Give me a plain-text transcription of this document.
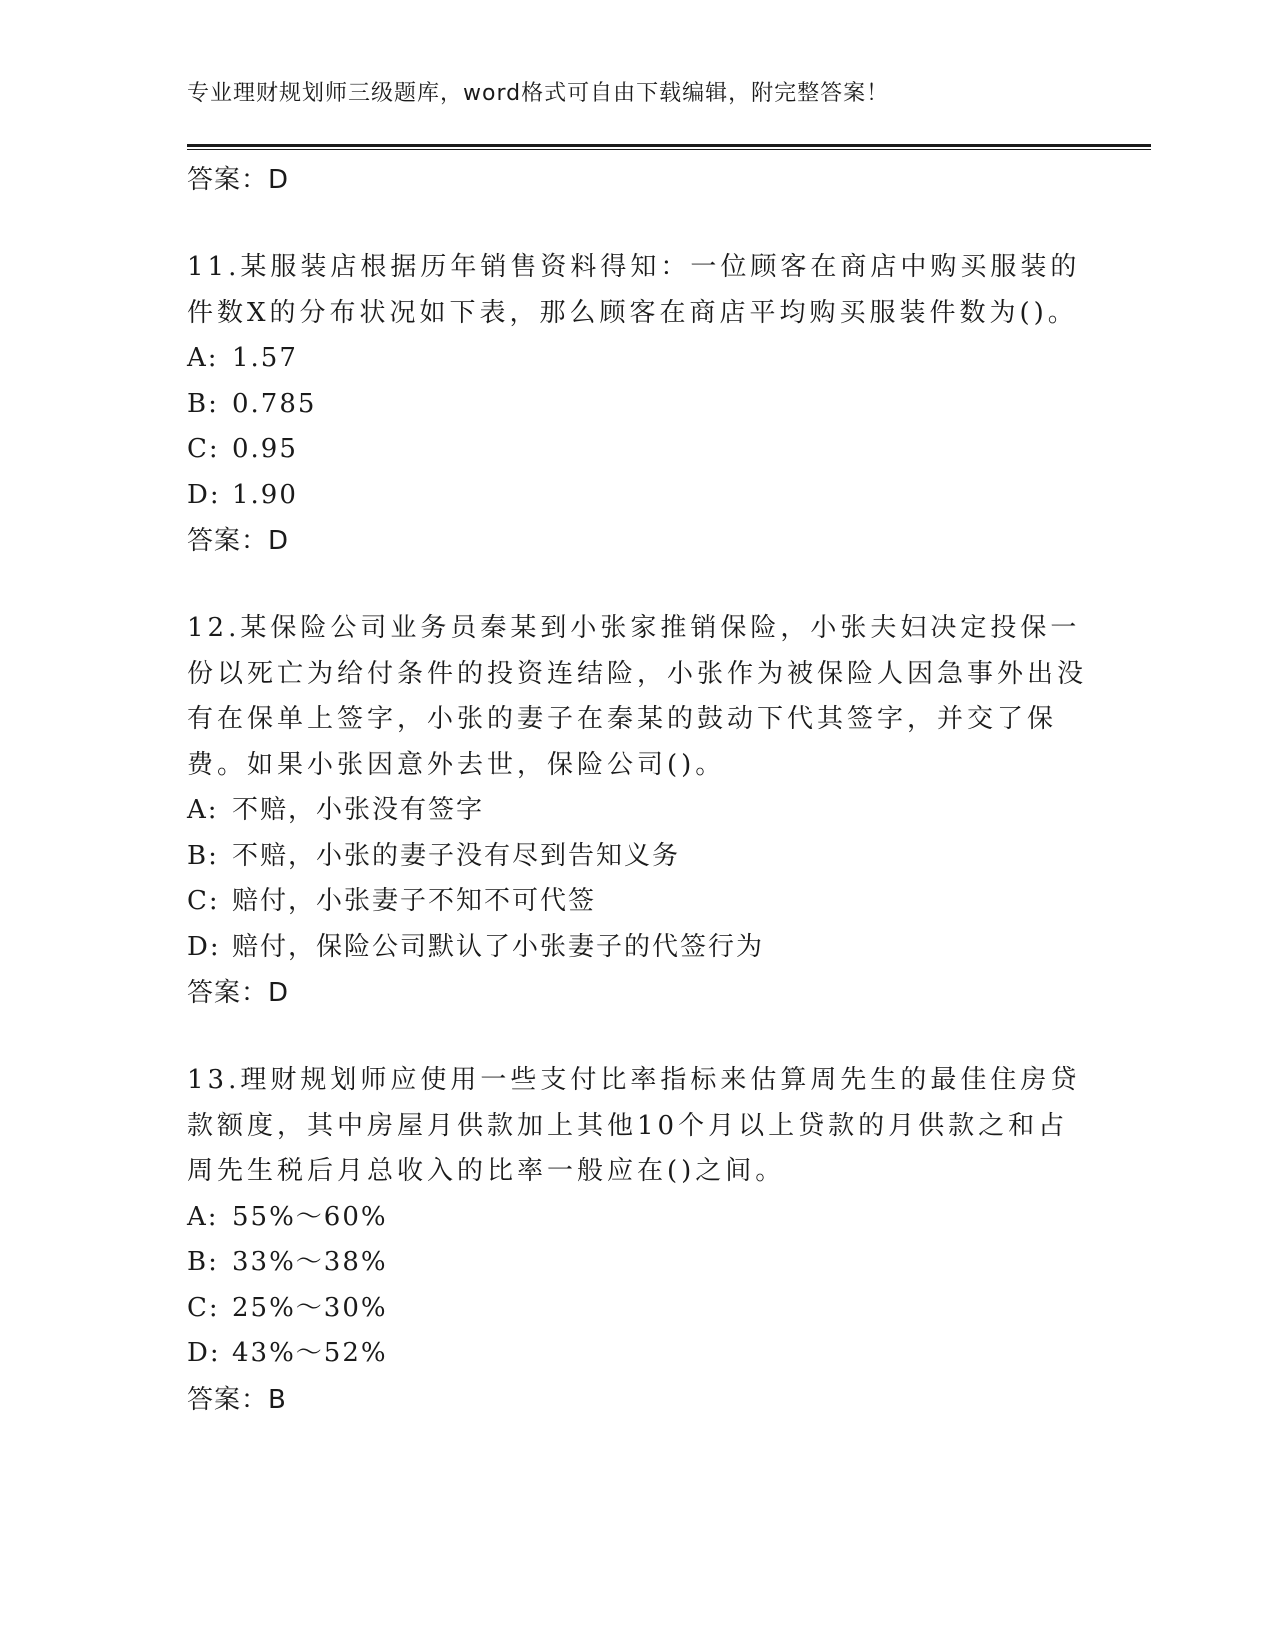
专业理财规划师三级题库，word格式可自由下载编辑，附完整答案！
答案：D
11.某服装店根据历年销售资料得知：一位顾客在商店中购买服装的件数X的分布状况如下表，那么顾客在商店平均购买服装件数为()。
A: 1.57
B: 0.785
C: 0.95
D: 1.90
答案：D
12.某保险公司业务员秦某到小张家推销保险，小张夫妇决定投保一份以死亡为给付条件的投资连结险，小张作为被保险人因急事外出没有在保单上签字，小张的妻子在秦某的鼓动下代其签字，并交了保费。如果小张因意外去世，保险公司()。
A: 不赔，小张没有签字
B: 不赔，小张的妻子没有尽到告知义务
C: 赔付，小张妻子不知不可代签
D: 赔付，保险公司默认了小张妻子的代签行为
答案：D
13.理财规划师应使用一些支付比率指标来估算周先生的最佳住房贷款额度，其中房屋月供款加上其他10个月以上贷款的月供款之和占周先生税后月总收入的比率一般应在()之间。
A: 55%～60%
B: 33%～38%
C: 25%～30%
D: 43%～52%
答案：B
